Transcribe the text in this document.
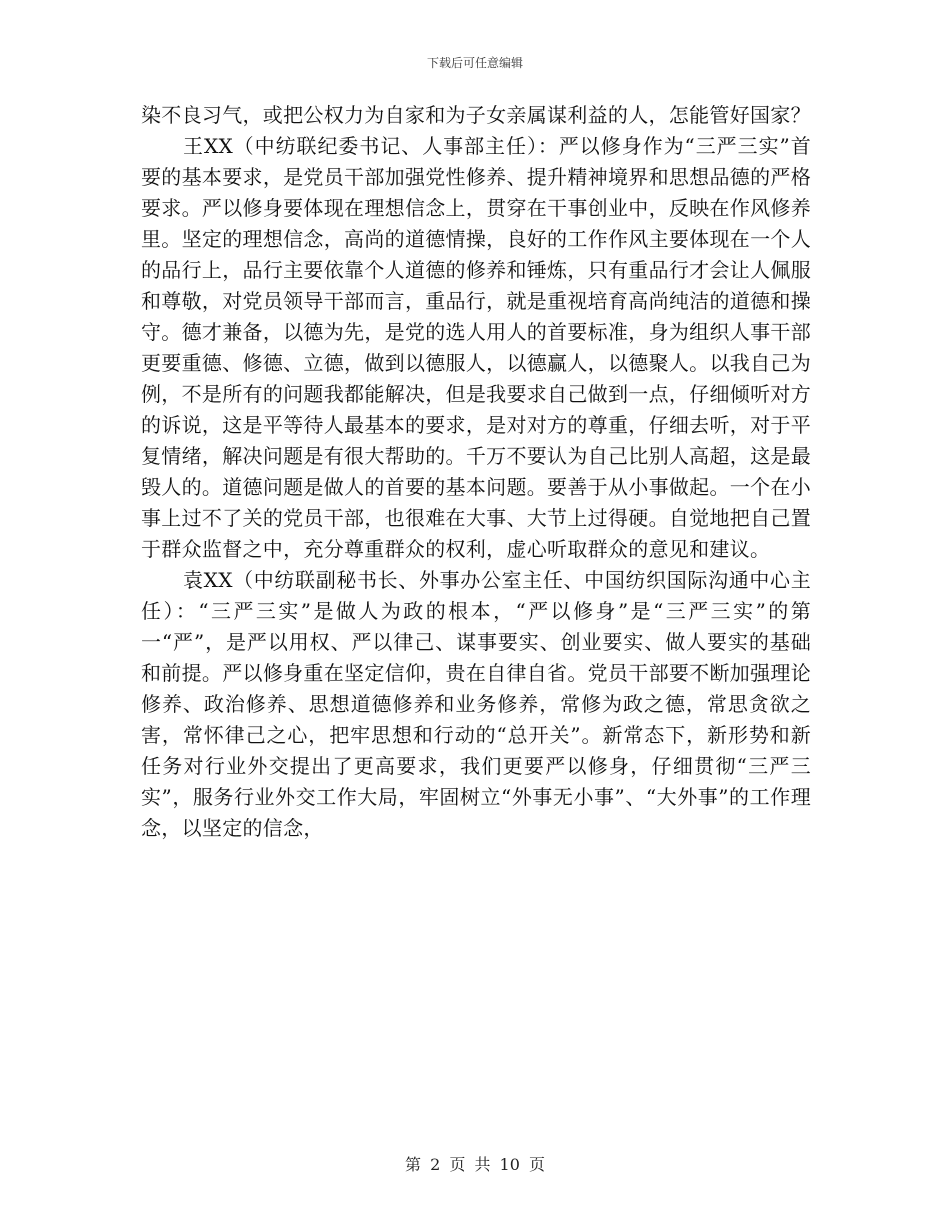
下载后可任意编辑

染不良习气，或把公权力为自家和为子女亲属谋利益的人，怎能管好国家？

王XX（中纺联纪委书记、人事部主任）：严以修身作为“三严三实”首要的基本要求，是党员干部加强党性修养、提升精神境界和思想品德的严格要求。严以修身要体现在理想信念上，贯穿在干事创业中，反映在作风修养里。坚定的理想信念，高尚的道德情操，良好的工作作风主要体现在一个人的品行上，品行主要依靠个人道德的修养和锤炼，只有重品行才会让人佩服和尊敬，对党员领导干部而言，重品行，就是重视培育高尚纯洁的道德和操守。德才兼备，以德为先，是党的选人用人的首要标准，身为组织人事干部更要重德、修德、立德，做到以德服人，以德赢人，以德聚人。以我自己为例，不是所有的问题我都能解决，但是我要求自己做到一点，仔细倾听对方的诉说，这是平等待人最基本的要求，是对对方的尊重，仔细去听，对于平复情绪，解决问题是有很大帮助的。千万不要认为自己比别人高超，这是最毁人的。道德问题是做人的首要的基本问题。要善于从小事做起。一个在小事上过不了关的党员干部，也很难在大事、大节上过得硬。自觉地把自己置于群众监督之中，充分尊重群众的权利，虚心听取群众的意见和建议。

袁XX（中纺联副秘书长、外事办公室主任、中国纺织国际沟通中心主任）：“三严三实”是做人为政的根本，“严以修身”是“三严三实”的第一“严”，是严以用权、严以律己、谋事要实、创业要实、做人要实的基础和前提。严以修身重在坚定信仰，贵在自律自省。党员干部要不断加强理论修养、政治修养、思想道德修养和业务修养，常修为政之德，常思贪欲之害，常怀律己之心，把牢思想和行动的“总开关”。新常态下，新形势和新任务对行业外交提出了更高要求，我们更要严以修身，仔细贯彻“三严三实”，服务行业外交工作大局，牢固树立“外事无小事”、“大外事”的工作理念，以坚定的信念，

第 2 页 共 10 页
